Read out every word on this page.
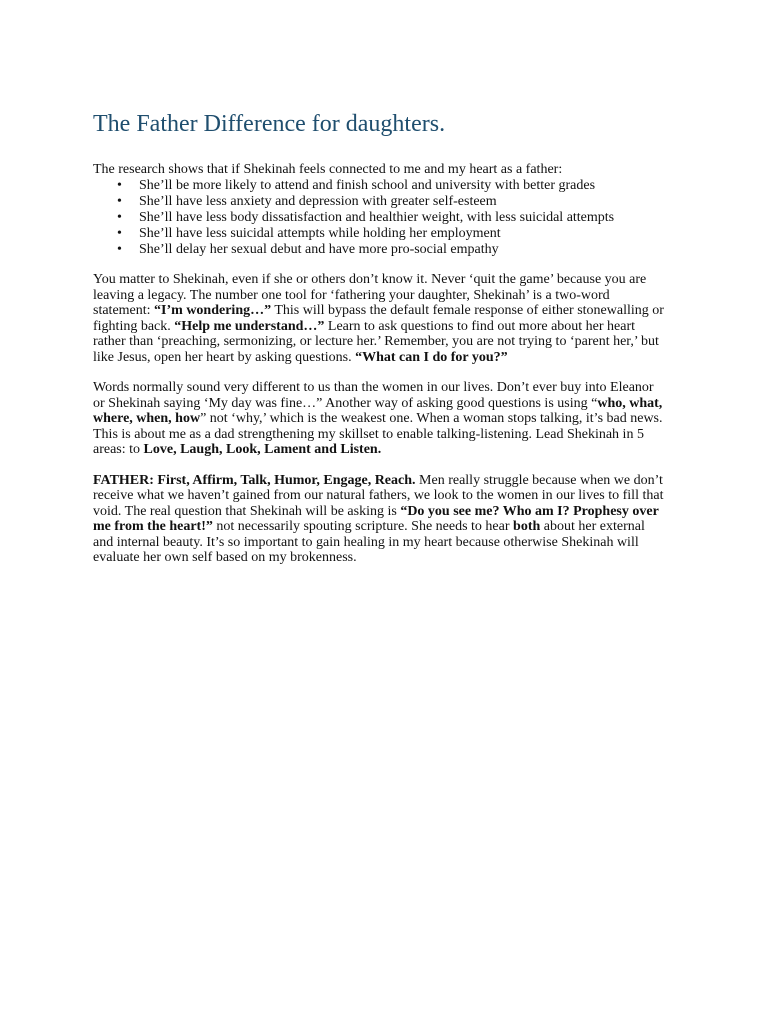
The Father Difference for daughters.

The research shows that if Shekinah feels connected to me and my heart as a father:

• She’ll be more likely to attend and finish school and university with better grades
• She’ll have less anxiety and depression with greater self-esteem
• She’ll have less body dissatisfaction and healthier weight, with less suicidal attempts
• She’ll have less suicidal attempts while holding her employment
• She’ll delay her sexual debut and have more pro-social empathy

You matter to Shekinah, even if she or others don’t know it. Never ‘quit the game’ because you are
leaving a legacy. The number one tool for ‘fathering your daughter, Shekinah’ is a two-word
statement: “I’m wondering…” This will bypass the default female response of either stonewalling or
fighting back. “Help me understand…” Learn to ask questions to find out more about her heart
rather than ‘preaching, sermonizing, or lecture her.’ Remember, you are not trying to ‘parent her,’ but
like Jesus, open her heart by asking questions. “What can I do for you?”

Words normally sound very different to us than the women in our lives. Don’t ever buy into Eleanor
or Shekinah saying ‘My day was fine…” Another way of asking good questions is using “who, what,
where, when, how” not ‘why,’ which is the weakest one. When a woman stops talking, it’s bad news.
This is about me as a dad strengthening my skillset to enable talking-listening. Lead Shekinah in 5
areas: to Love, Laugh, Look, Lament and Listen.

FATHER: First, Affirm, Talk, Humor, Engage, Reach. Men really struggle because when we don’t
receive what we haven’t gained from our natural fathers, we look to the women in our lives to fill that
void. The real question that Shekinah will be asking is “Do you see me? Who am I? Prophesy over
me from the heart!” not necessarily spouting scripture. She needs to hear both about her external
and internal beauty. It’s so important to gain healing in my heart because otherwise Shekinah will
evaluate her own self based on my brokenness.
